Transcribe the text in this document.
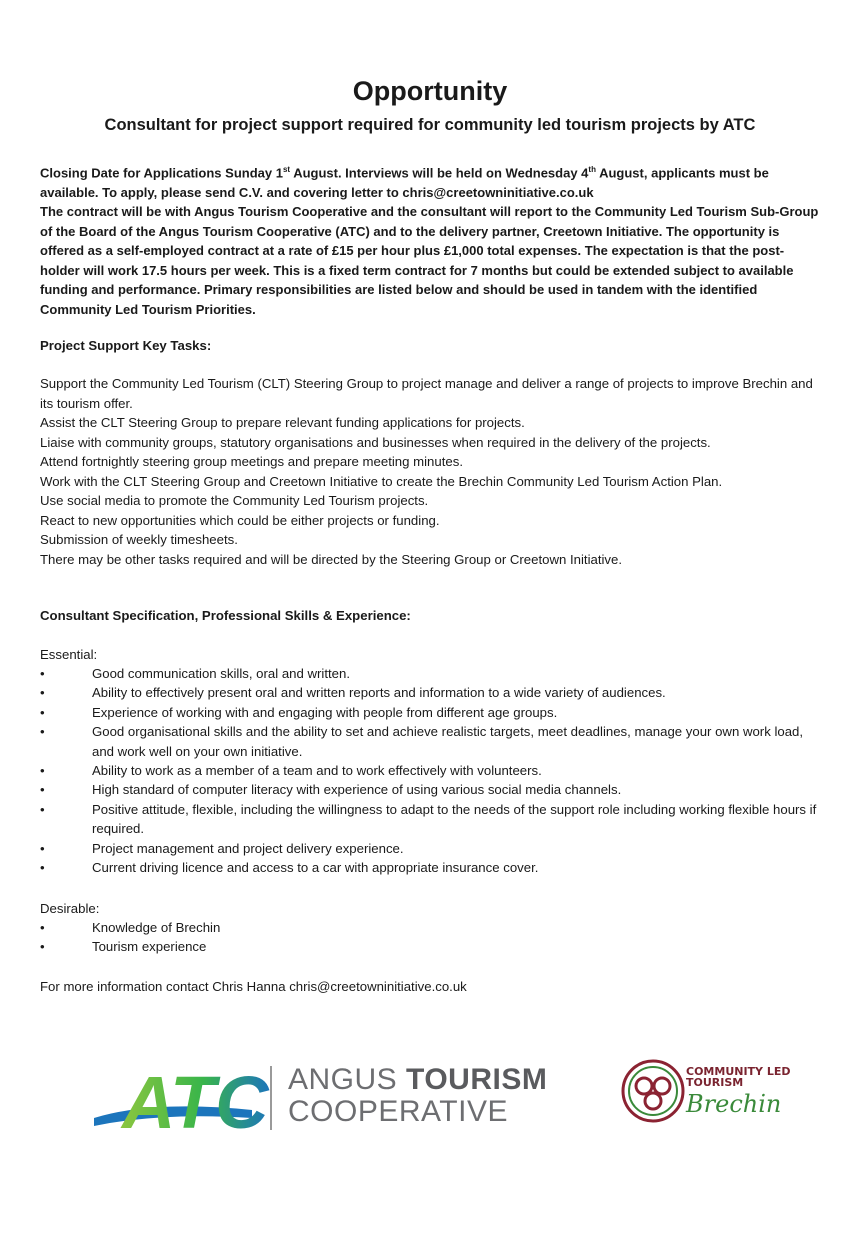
Opportunity
Consultant for project support required for community led tourism projects by ATC

Closing Date for Applications Sunday 1st August. Interviews will be held on Wednesday 4th August, applicants must be available. To apply, please send C.V. and covering letter to chris@creetowninitiative.co.uk

The contract will be with Angus Tourism Cooperative and the consultant will report to the Community Led Tourism Sub-Group of the Board of the Angus Tourism Cooperative (ATC) and to the delivery partner, Creetown Initiative. The opportunity is offered as a self-employed contract at a rate of £15 per hour plus £1,000 total expenses. The expectation is that the post-holder will work 17.5 hours per week. This is a fixed term contract for 7 months but could be extended subject to available funding and performance. Primary responsibilities are listed below and should be used in tandem with the identified Community Led Tourism Priorities.

Project Support Key Tasks:

Support the Community Led Tourism (CLT) Steering Group to project manage and deliver a range of projects to improve Brechin and its tourism offer.

Assist the CLT Steering Group to prepare relevant funding applications for projects.

Liaise with community groups, statutory organisations and businesses when required in the delivery of the projects.

Attend fortnightly steering group meetings and prepare meeting minutes.

Work with the CLT Steering Group and Creetown Initiative to create the Brechin Community Led Tourism Action Plan.

Use social media to promote the Community Led Tourism projects.

React to new opportunities which could be either projects or funding.

Submission of weekly timesheets.

There may be other tasks required and will be directed by the Steering Group or Creetown Initiative.

Consultant Specification, Professional Skills & Experience:
Essential:
•	Good communication skills, oral and written.
•	Ability to effectively present oral and written reports and information to a wide variety of audiences.
•	Experience of working with and engaging with people from different age groups.
•	Good organisational skills and the ability to set and achieve realistic targets, meet deadlines, manage your own work load, and work well on your own initiative.
•	Ability to work as a member of a team and to work effectively with volunteers.
•	High standard of computer literacy with experience of using various social media channels.
•	Positive attitude, flexible, including the willingness to adapt to the needs of the support role including working flexible hours if required.
•	Project management and project delivery experience.
•	Current driving licence and access to a car with appropriate insurance cover.
Desirable:
•	Knowledge of Brechin
•	Tourism experience
For more information contact Chris Hanna chris@creetowninitiative.co.uk
ATC ANGUS TOURISM
COOPERATIVE
COMMUNITY LED
TOURISM
Brechin
